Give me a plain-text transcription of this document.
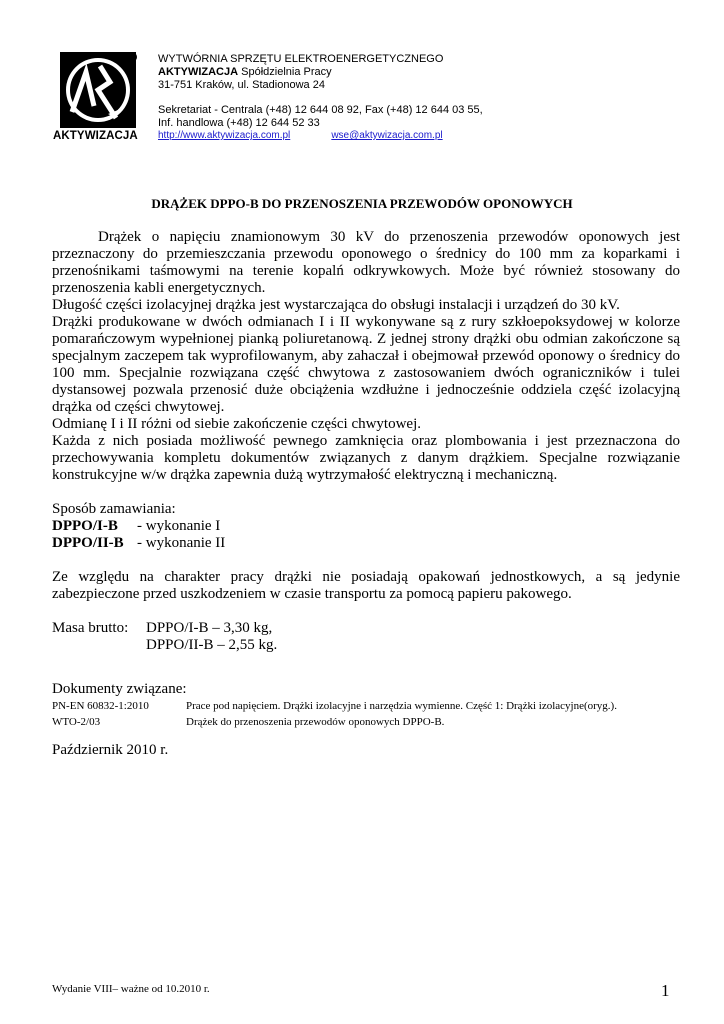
®
AKTYWIZACJA
WYTWÓRNIA SPRZĘTU ELEKTROENERGETYCZNEGO
AKTYWIZACJA Spółdzielnia Pracy
31-751 Kraków, ul. Stadionowa 24
Sekretariat - Centrala (+48) 12 644 08 92, Fax (+48) 12 644 03 55,
Inf. handlowa (+48) 12 644 52 33
http://www.aktywizacja.com.pl	wse@aktywizacja.com.pl
DRĄŻEK DPPO-B DO PRZENOSZENIA PRZEWODÓW OPONOWYCH

Drążek o napięciu znamionowym 30 kV do przenoszenia przewodów oponowych jest przeznaczony do przemieszczania przewodu oponowego o średnicy do 100 mm za koparkami i przenośnikami taśmowymi na terenie kopalń odkrywkowych. Może być również stosowany do przenoszenia kabli energetycznych.

Długość części izolacyjnej drążka jest wystarczająca do obsługi instalacji i urządzeń do 30 kV.

Drążki produkowane w dwóch odmianach I i II wykonywane są z rury szkłoepoksydowej w kolorze pomarańczowym wypełnionej pianką poliuretanową. Z jednej strony drążki obu odmian zakończone są specjalnym zaczepem tak wyprofilowanym, aby zahaczał i obejmował przewód oponowy o średnicy do 100 mm. Specjalnie rozwiązana część chwytowa z zastosowaniem dwóch ograniczników i tulei dystansowej pozwala przenosić duże obciążenia wzdłużne i jednocześnie oddziela część izolacyjną drążka od części chwytowej.

Odmianę I i II różni od siebie zakończenie części chwytowej.

Każda z nich posiada możliwość pewnego zamknięcia oraz plombowania i jest przeznaczona do przechowywania kompletu dokumentów związanych z danym drążkiem. Specjalne rozwiązanie konstrukcyjne w/w drążka zapewnia dużą wytrzymałość elektryczną i mechaniczną.

Sposób zamawiania:

DPPO/I-B	- wykonanie I
DPPO/II-B - wykonanie II

Ze względu na charakter pracy drążki nie posiadają opakowań jednostkowych, a są jedynie zabezpieczone przed uszkodzeniem w czasie transportu za pomocą papieru pakowego.

Masa brutto:	DPPO/I-B – 3,30 kg,
DPPO/II-B – 2,55 kg.

Dokumenty związane:

PN-EN 60832-1:2010	Prace pod napięciem. Drążki izolacyjne i narzędzia wymienne. Część 1: Drążki izolacyjne(oryg.).
WTO-2/03	Drążek do przenoszenia przewodów oponowych DPPO-B.

Październik 2010 r.

Wydanie VIII– ważne od 10.2010 r.	1
